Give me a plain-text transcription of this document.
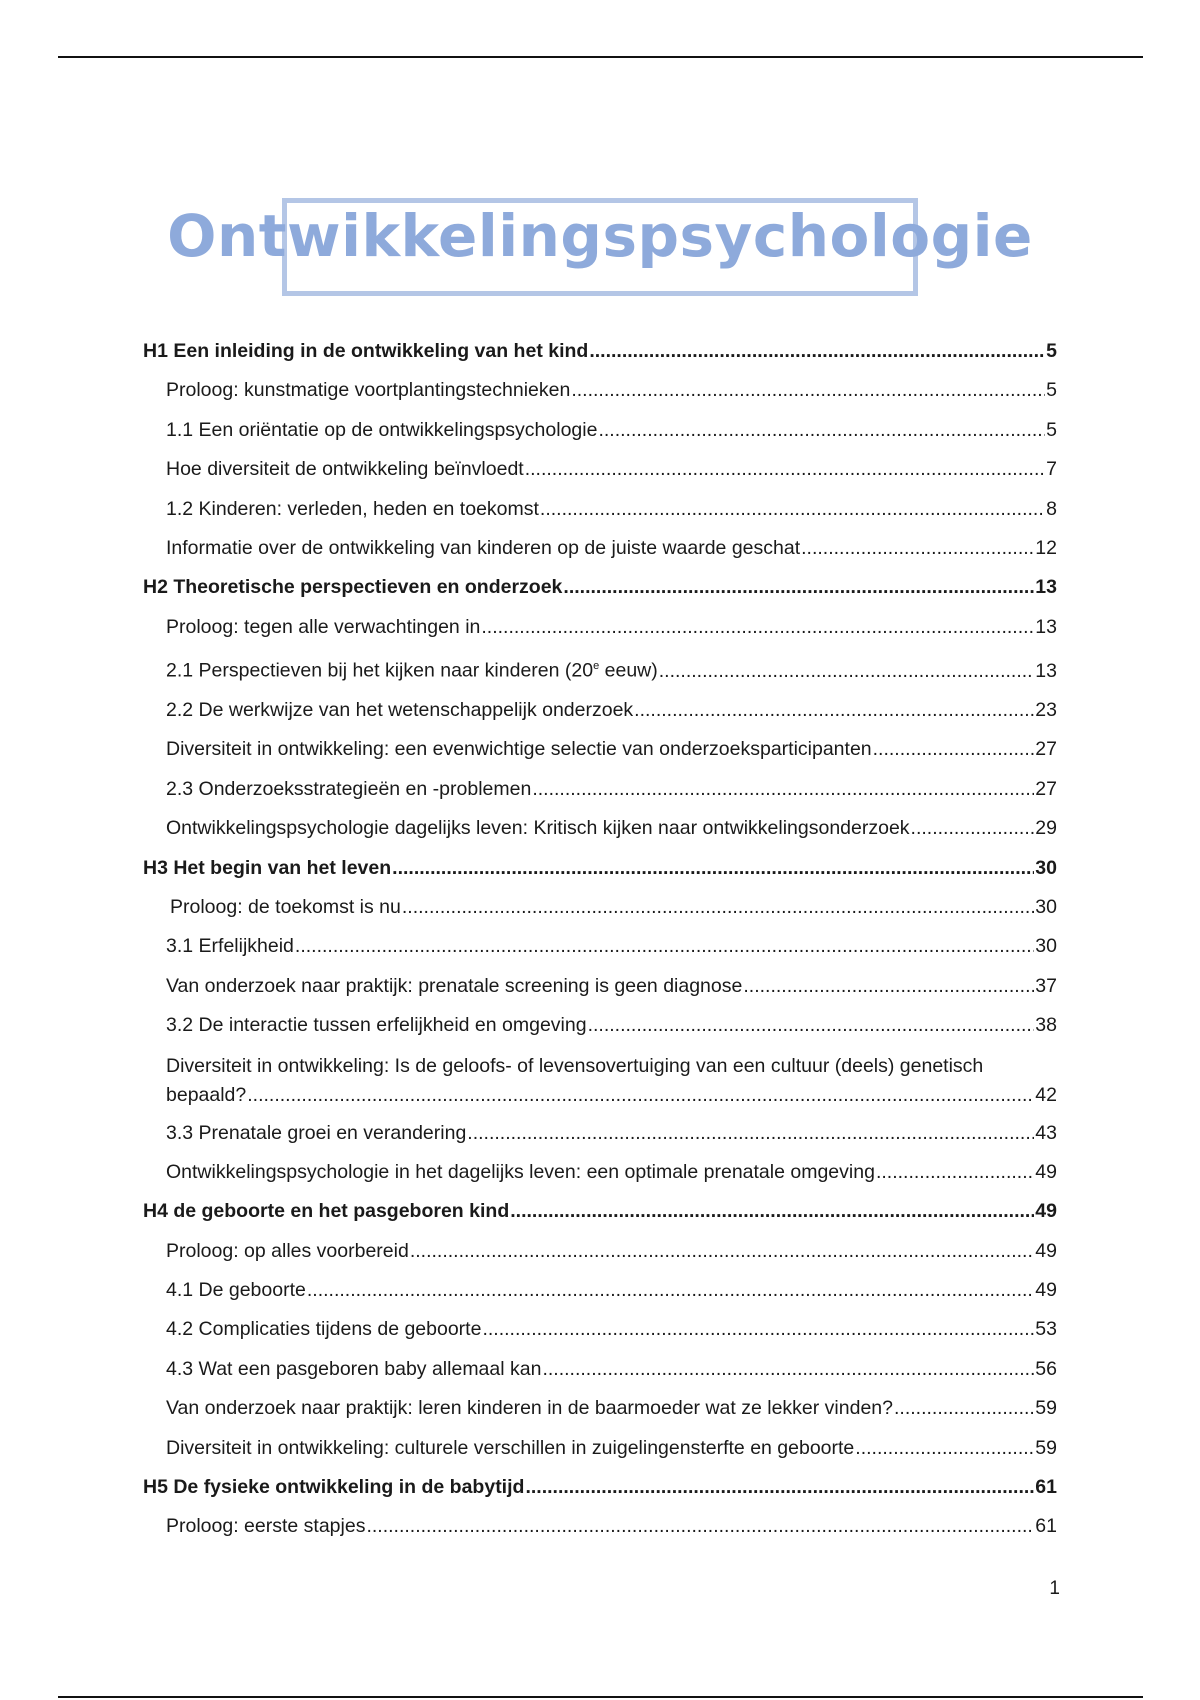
Ontwikkelingspsychologie
H1 Een inleiding in de ontwikkeling van het kind .....	5
Proloog: kunstmatige voortplantingstechnieken .....	5
1.1 Een oriëntatie op de ontwikkelingspsychologie .....	5
Hoe diversiteit de ontwikkeling beïnvloedt .....	7
1.2 Kinderen: verleden, heden en toekomst .....	8
Informatie over de ontwikkeling van kinderen op de juiste waarde geschat .....	12
H2 Theoretische perspectieven en onderzoek .....	13
Proloog: tegen alle verwachtingen in .....	13
2.1 Perspectieven bij het kijken naar kinderen (20e eeuw) .....	13
2.2 De werkwijze van het wetenschappelijk onderzoek .....	23
Diversiteit in ontwikkeling: een evenwichtige selectie van onderzoeksparticipanten .....	27
2.3 Onderzoeksstrategieën en -problemen .....	27
Ontwikkelingspsychologie dagelijks leven: Kritisch kijken naar ontwikkelingsonderzoek .....	29
H3 Het begin van het leven .....	30
Proloog: de toekomst is nu .....	30
3.1 Erfelijkheid .....	30
Van onderzoek naar praktijk: prenatale screening is geen diagnose .....	37
3.2 De interactie tussen erfelijkheid en omgeving .....	38
Diversiteit in ontwikkeling: Is de geloofs- of levensovertuiging van een cultuur (deels) genetisch
bepaald? .....	42
3.3 Prenatale groei en verandering .....	43
Ontwikkelingspsychologie in het dagelijks leven: een optimale prenatale omgeving .....	49
H4 de geboorte en het pasgeboren kind .....	49
Proloog: op alles voorbereid .....	49
4.1 De geboorte .....	49
4.2 Complicaties tijdens de geboorte .....	53
4.3 Wat een pasgeboren baby allemaal kan .....	56
Van onderzoek naar praktijk: leren kinderen in de baarmoeder wat ze lekker vinden? .....	59
Diversiteit in ontwikkeling: culturele verschillen in zuigelingensterfte en geboorte .....	59
H5 De fysieke ontwikkeling in de babytijd .....	61
Proloog: eerste stapjes .....	61
1
